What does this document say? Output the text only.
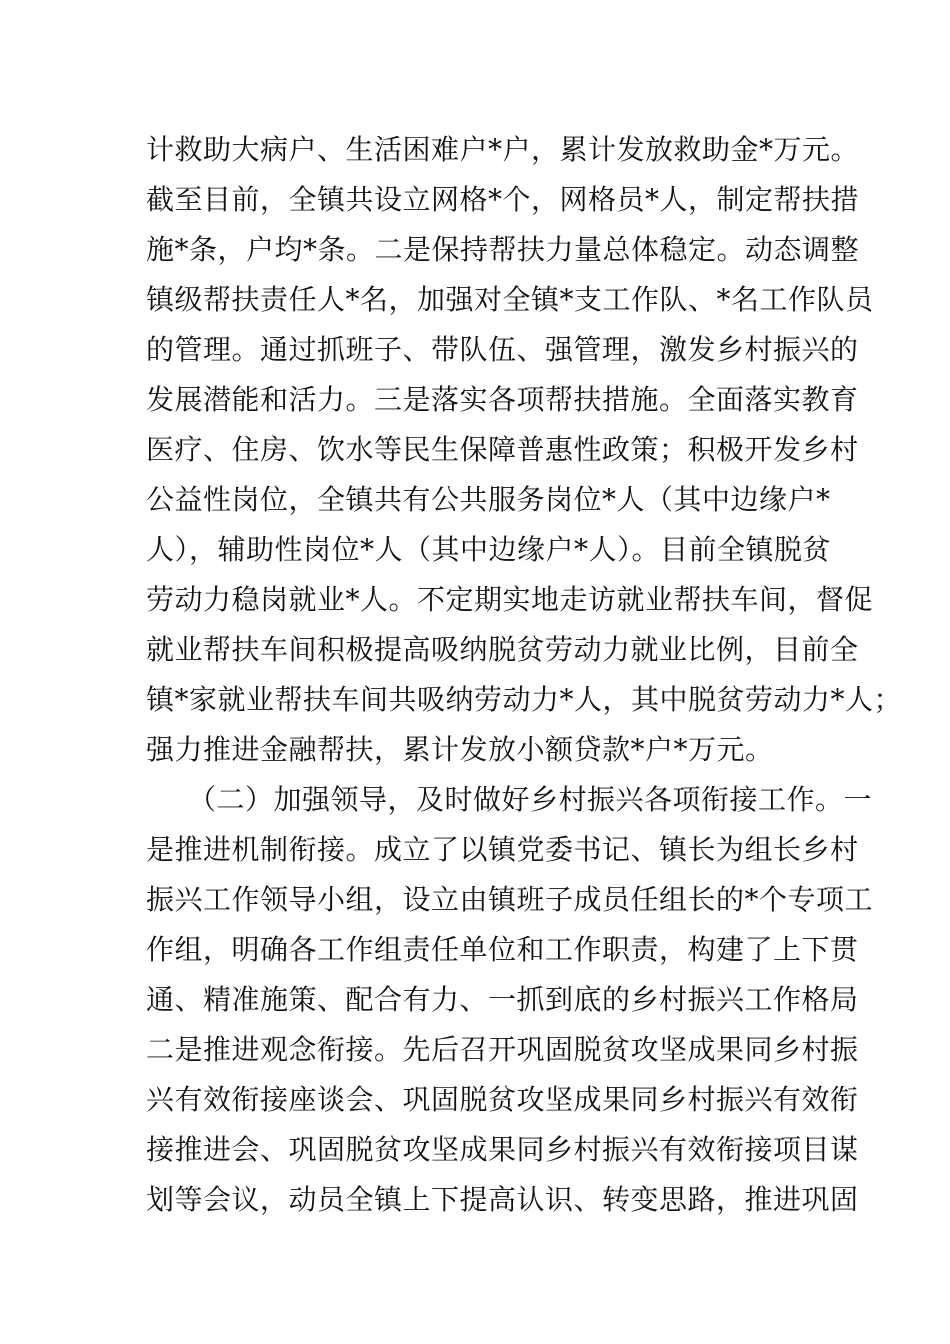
计救助大病户、生活困难户*户，累计发放救助金*万元。
截至目前，全镇共设立网格*个，网格员*人，制定帮扶措
施*条，户均*条。二是保持帮扶力量总体稳定。动态调整
镇级帮扶责任人*名，加强对全镇*支工作队、*名工作队员
的管理。通过抓班子、带队伍、强管理，激发乡村振兴的
发展潜能和活力。三是落实各项帮扶措施。全面落实教育
医疗、住房、饮水等民生保障普惠性政策；积极开发乡村
公益性岗位，全镇共有公共服务岗位*人（其中边缘户*
人），辅助性岗位*人（其中边缘户*人）。目前全镇脱贫
劳动力稳岗就业*人。不定期实地走访就业帮扶车间，督促
就业帮扶车间积极提高吸纳脱贫劳动力就业比例，目前全
镇*家就业帮扶车间共吸纳劳动力*人，其中脱贫劳动力*人；
强力推进金融帮扶，累计发放小额贷款*户*万元。
（二）加强领导，及时做好乡村振兴各项衔接工作。一
是推进机制衔接。成立了以镇党委书记、镇长为组长乡村
振兴工作领导小组，设立由镇班子成员任组长的*个专项工
作组，明确各工作组责任单位和工作职责，构建了上下贯
通、精准施策、配合有力、一抓到底的乡村振兴工作格局
二是推进观念衔接。先后召开巩固脱贫攻坚成果同乡村振
兴有效衔接座谈会、巩固脱贫攻坚成果同乡村振兴有效衔
接推进会、巩固脱贫攻坚成果同乡村振兴有效衔接项目谋
划等会议，动员全镇上下提高认识、转变思路，推进巩固
